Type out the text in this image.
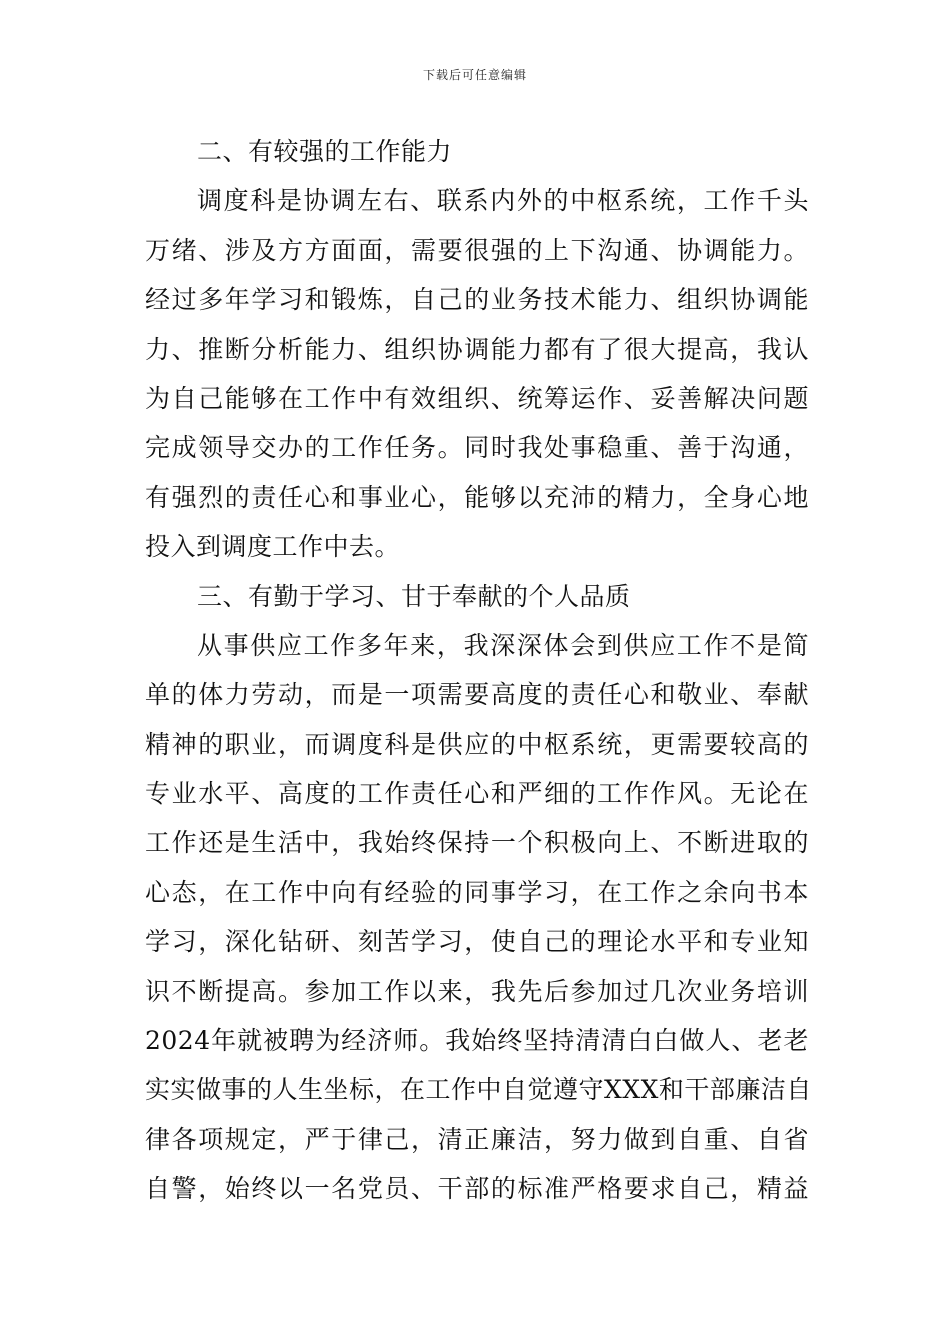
下载后可任意编辑
二、有较强的工作能力
调度科是协调左右、联系内外的中枢系统，工作千头
万绪、涉及方方面面，需要很强的上下沟通、协调能力。
经过多年学习和锻炼，自己的业务技术能力、组织协调能
力、推断分析能力、组织协调能力都有了很大提高，我认
为自己能够在工作中有效组织、统筹运作、妥善解决问题
完成领导交办的工作任务。同时我处事稳重、善于沟通，
有强烈的责任心和事业心，能够以充沛的精力，全身心地
投入到调度工作中去。
三、有勤于学习、甘于奉献的个人品质
从事供应工作多年来，我深深体会到供应工作不是简
单的体力劳动，而是一项需要高度的责任心和敬业、奉献
精神的职业，而调度科是供应的中枢系统，更需要较高的
专业水平、高度的工作责任心和严细的工作作风。无论在
工作还是生活中，我始终保持一个积极向上、不断进取的
心态，在工作中向有经验的同事学习，在工作之余向书本
学习，深化钻研、刻苦学习，使自己的理论水平和专业知
识不断提高。参加工作以来，我先后参加过几次业务培训
2024年就被聘为经济师。我始终坚持清清白白做人、老老
实实做事的人生坐标，在工作中自觉遵守XXX和干部廉洁自
律各项规定，严于律己，清正廉洁，努力做到自重、自省
自警，始终以一名党员、干部的标准严格要求自己，精益
